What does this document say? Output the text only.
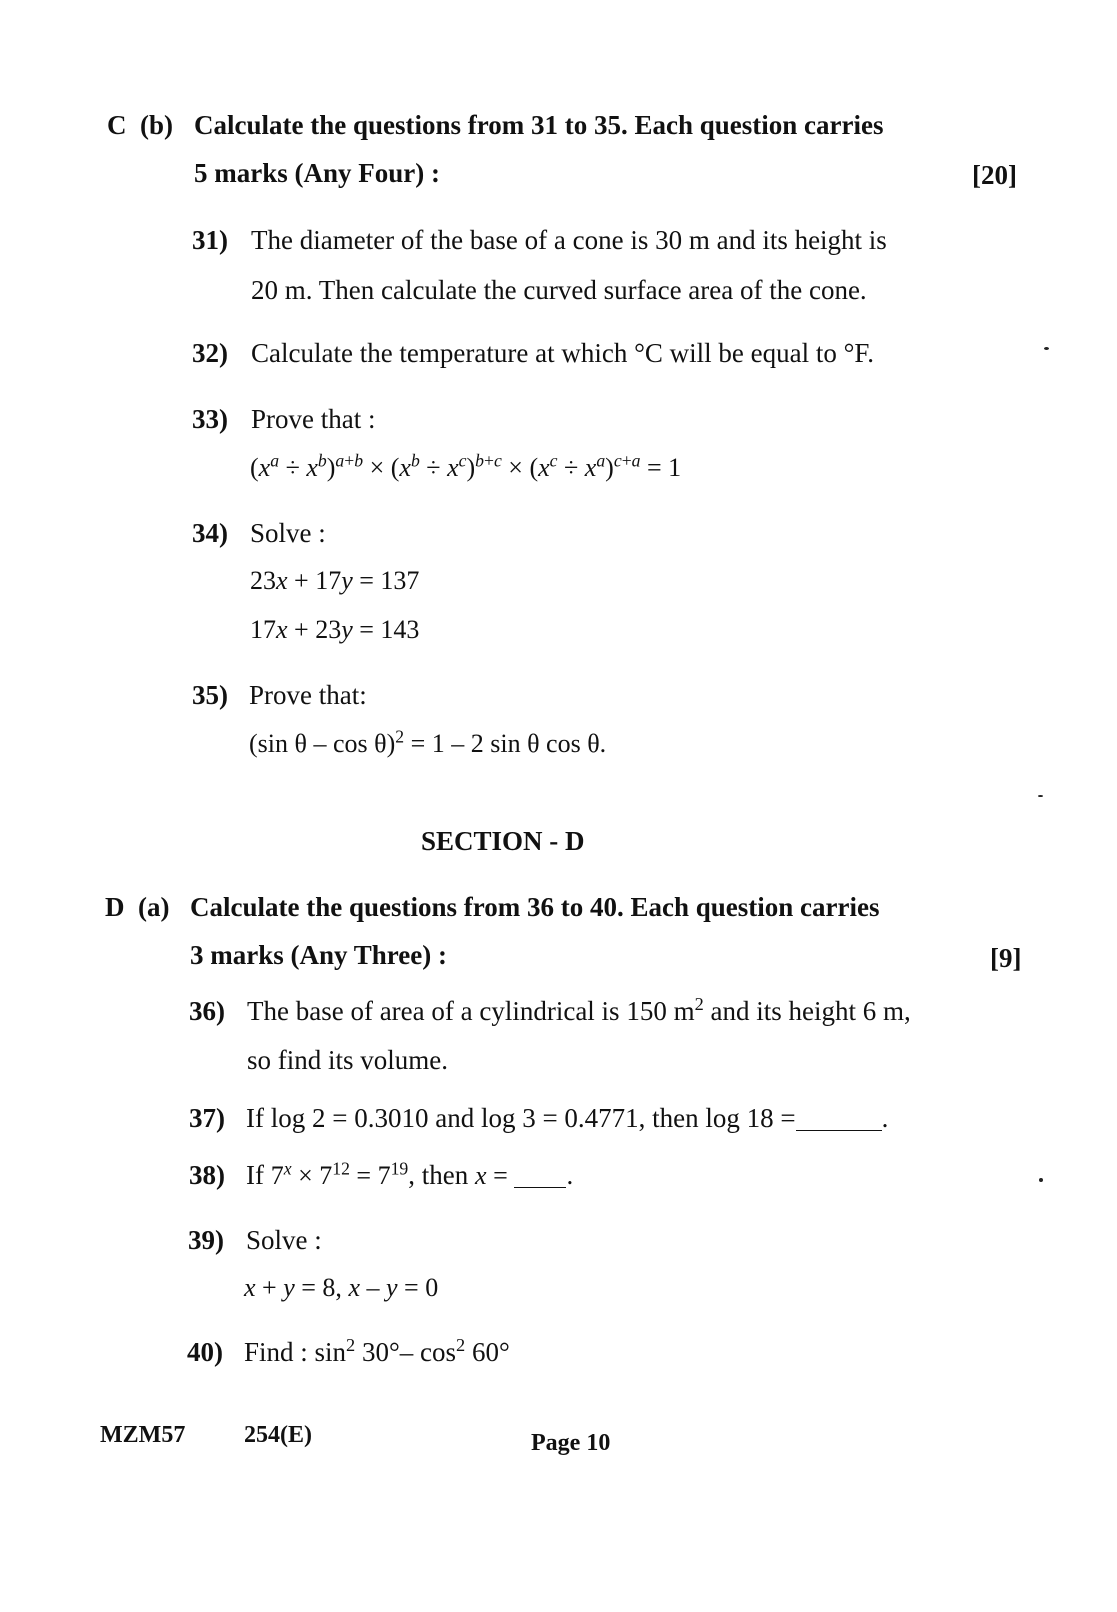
C (b) Calculate the questions from 31 to 35. Each question carries
5 marks (Any Four) :	[20]
31) The diameter of the base of a cone is 30 m and its height is
20 m. Then calculate the curved surface area of the cone.
32) Calculate the temperature at which °C will be equal to °F.
33) Prove that :
$(x^a \div x^b)^{a+b} \times (x^b \div x^c)^{b+c} \times (x^c \div x^a)^{c+a} = 1$
34) Solve :
23x + 17y = 137
17x + 23y = 143
35) Prove that:
(sin θ – cos θ)$^2$ = 1 – 2 sin θ cos θ.
SECTION - D
D (a) Calculate the questions from 36 to 40. Each question carries
3 marks (Any Three) :	[9]
36) The base of area of a cylindrical is 150 $m^2$ and its height 6 m,
so find its volume.
37) If log 2 = 0.3010 and log 3 = 0.4771, then log 18 =	.
38) If $7^x \times 7^{12} = 7^{19}$, then x = .
39) Solve :
x + y = 8, x – y = 0
40) Find : $\sin^2 30^\circ-$ $\cos^2 60^\circ$
MZM57 254(E)	Page 10
